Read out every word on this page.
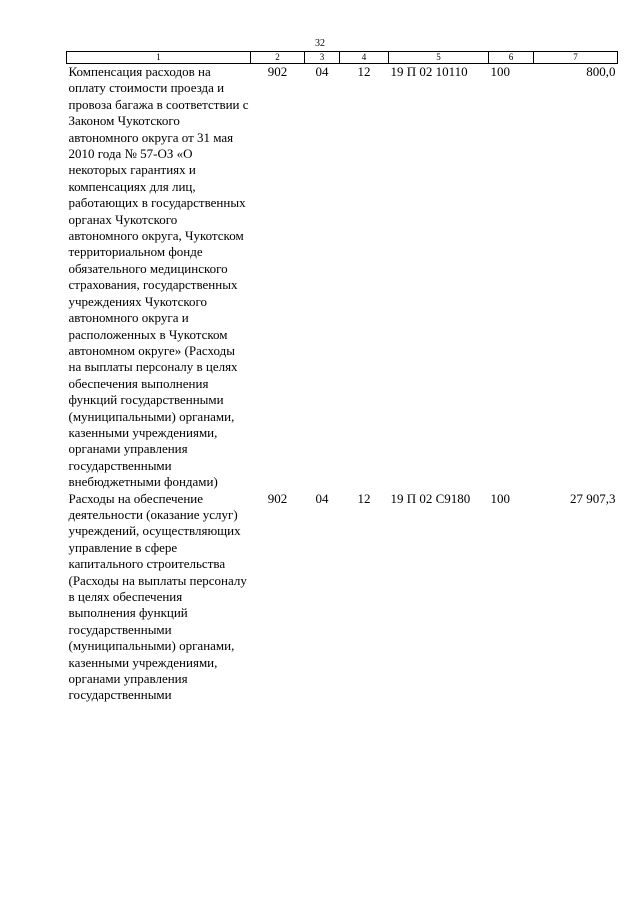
32
1	2	3	4	5	6	7
Компенсация расходов на оплату стоимости проезда и провоза багажа в соответствии с Законом Чукотского автономного округа от 31 мая 2010 года № 57-ОЗ «О некоторых гарантиях и компенсациях для лиц, работающих в государственных органах Чукотского автономного округа, Чукотском территориальном фонде обязательного медицинского страхования, государственных учреждениях Чукотского автономного округа и расположенных в Чукотском автономном округе» (Расходы на выплаты персоналу в целях обеспечения выполнения функций государственными (муниципальными) органами, казенными учреждениями, органами управления государственными внебюджетными фондами)	902	04	12	19 П 02 10110	100	800,0
Расходы на обеспечение деятельности (оказание услуг) учреждений, осуществляющих управление в сфере капитального строительства (Расходы на выплаты персоналу в целях обеспечения выполнения функций государственными (муниципальными) органами, казенными учреждениями, органами управления государственными	902	04	12	19 П 02 С9180	100	27 907,3
